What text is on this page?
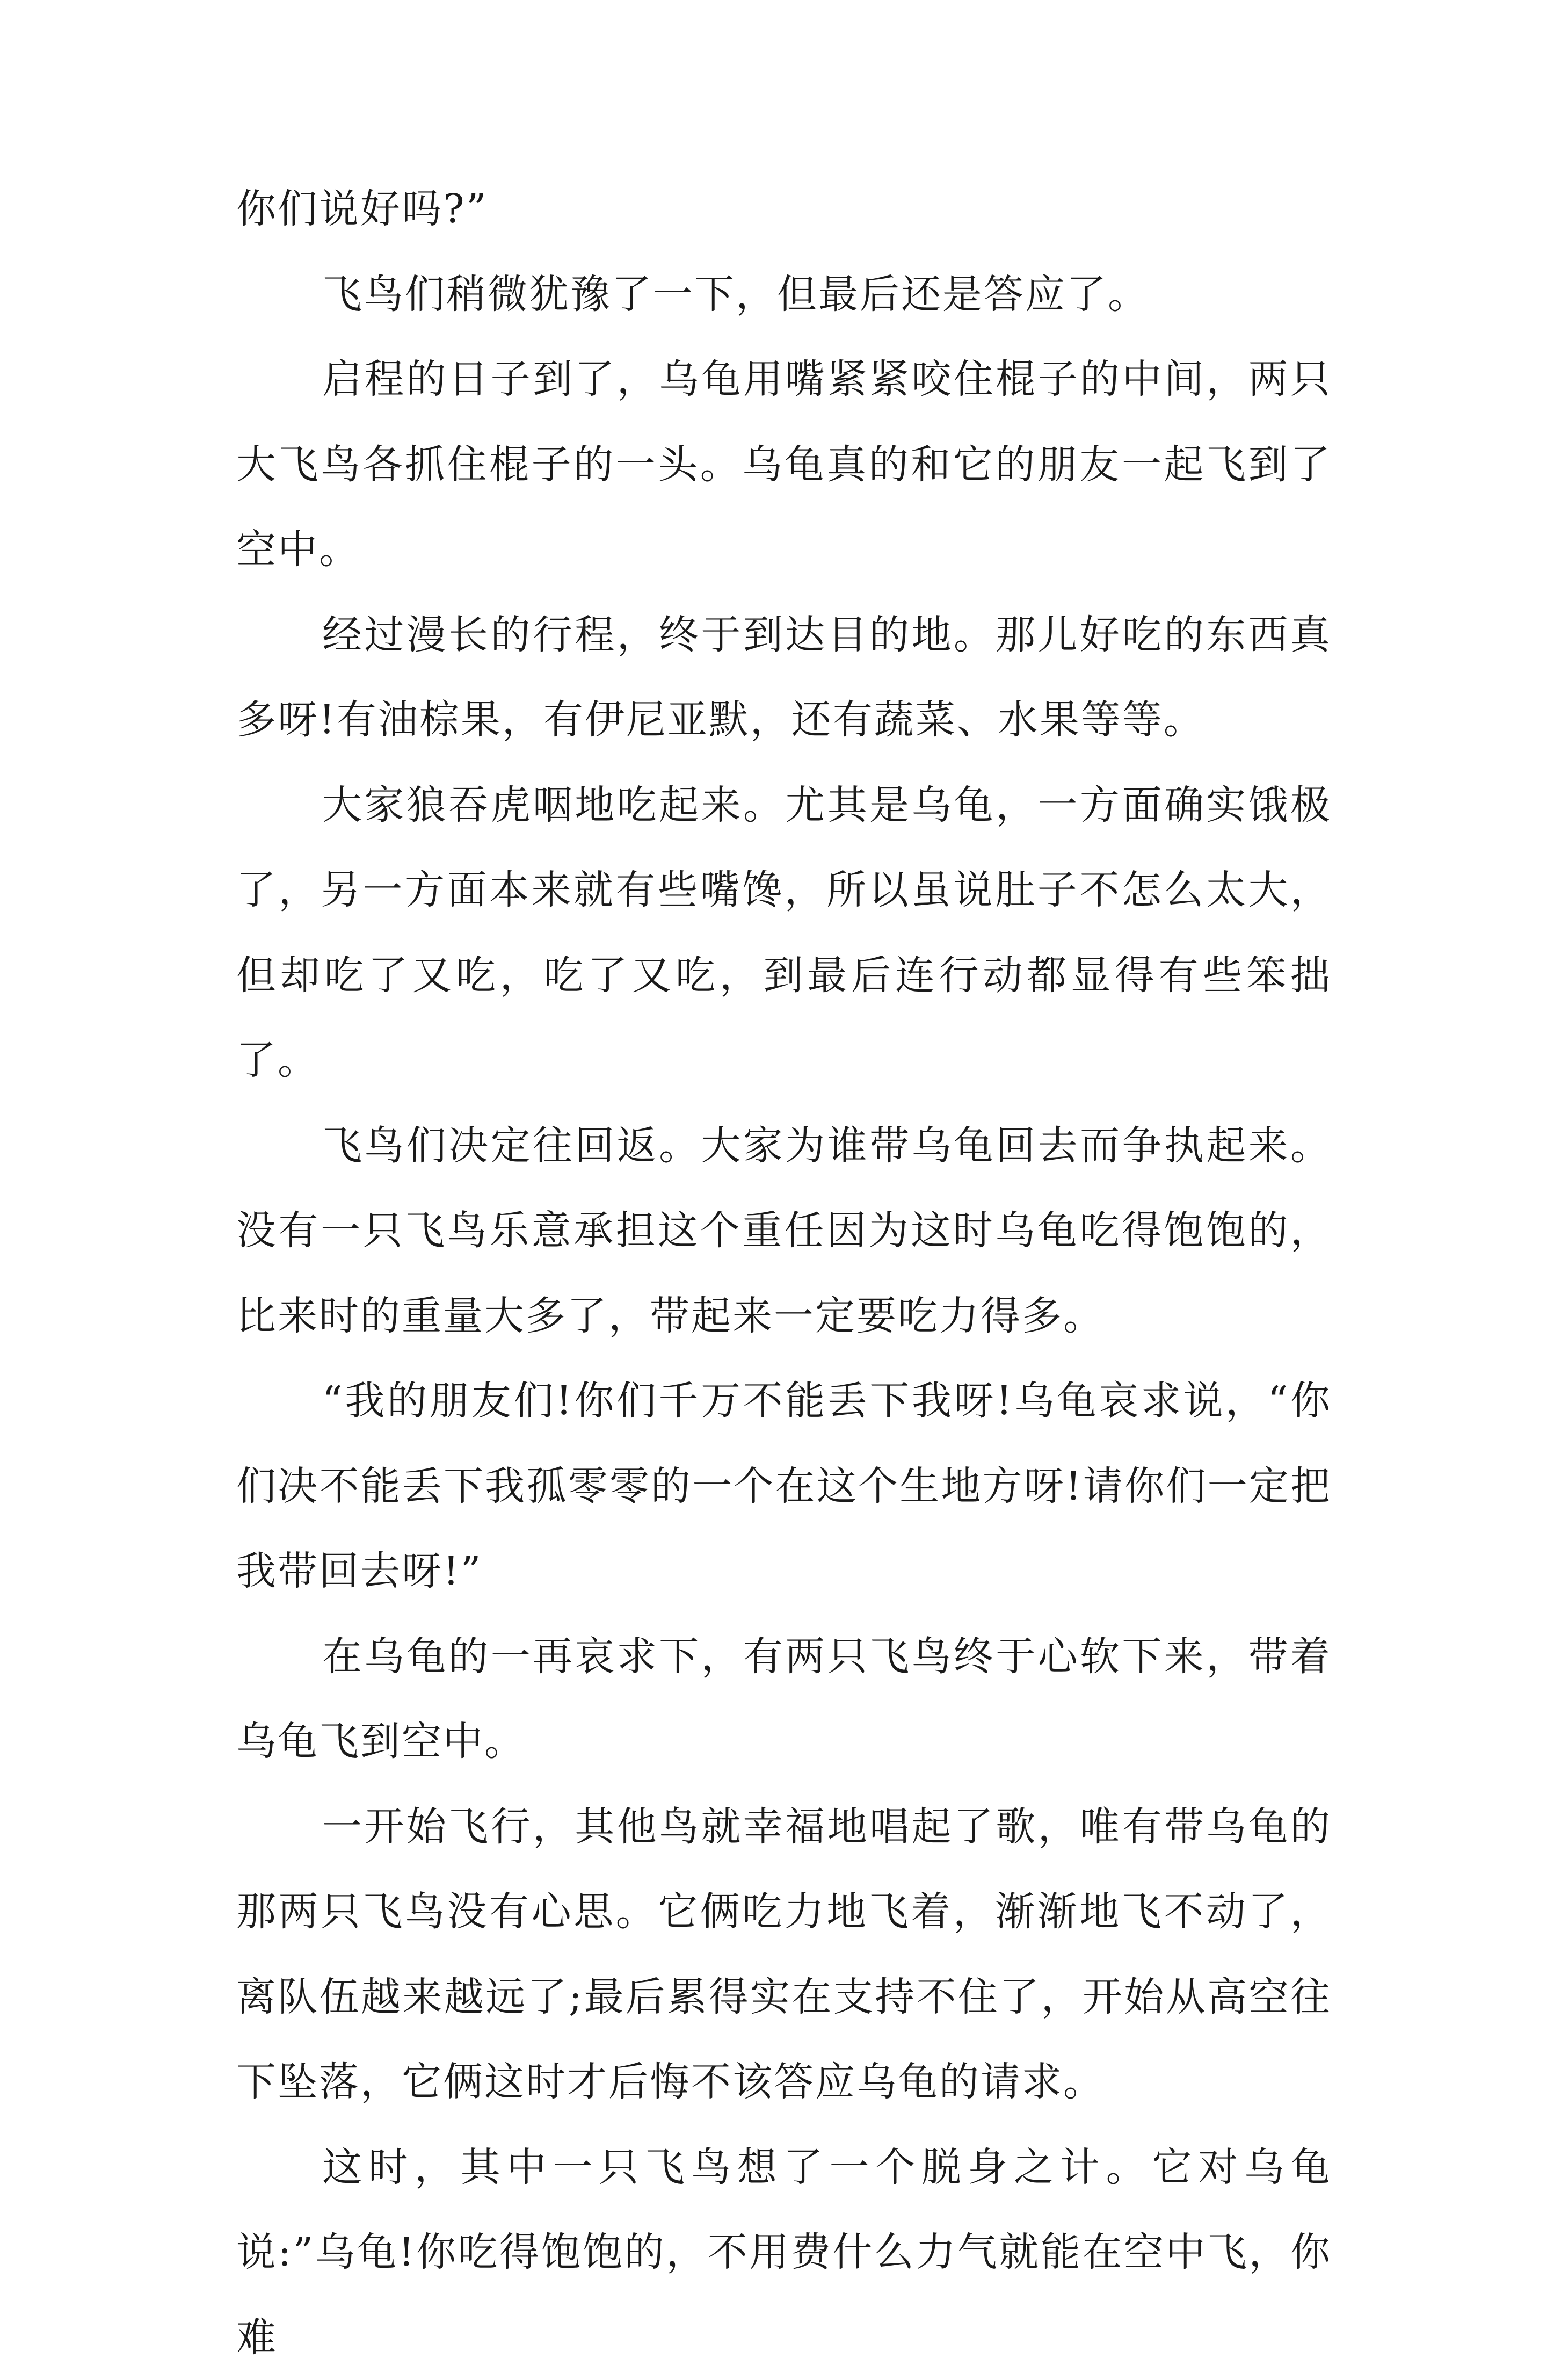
你们说好吗?”

飞鸟们稍微犹豫了一下，但最后还是答应了。

启程的日子到了，乌龟用嘴紧紧咬住棍子的中间，两只大飞鸟各抓住棍子的一头。乌龟真的和它的朋友一起飞到了空中。

经过漫长的行程，终于到达目的地。那儿好吃的东西真多呀!有油棕果，有伊尼亚默，还有蔬菜、水果等等。

大家狼吞虎咽地吃起来。尤其是乌龟，一方面确实饿极了，另一方面本来就有些嘴馋，所以虽说肚子不怎么太大，但却吃了又吃，吃了又吃，到最后连行动都显得有些笨拙了。

飞鸟们决定往回返。大家为谁带乌龟回去而争执起来。没有一只飞鸟乐意承担这个重任因为这时乌龟吃得饱饱的，比来时的重量大多了，带起来一定要吃力得多。

“我的朋友们!你们千万不能丢下我呀!乌龟哀求说，“你们决不能丢下我孤零零的一个在这个生地方呀!请你们一定把我带回去呀!”

在乌龟的一再哀求下，有两只飞鸟终于心软下来，带着乌龟飞到空中。

一开始飞行，其他鸟就幸福地唱起了歌，唯有带乌龟的那两只飞鸟没有心思。它俩吃力地飞着，渐渐地飞不动了，离队伍越来越远了;最后累得实在支持不住了，开始从高空往下坠落，它俩这时才后悔不该答应乌龟的请求。

这时，其中一只飞鸟想了一个脱身之计。它对乌龟说:”乌龟!你吃得饱饱的，不用费什么力气就能在空中飞，你难
